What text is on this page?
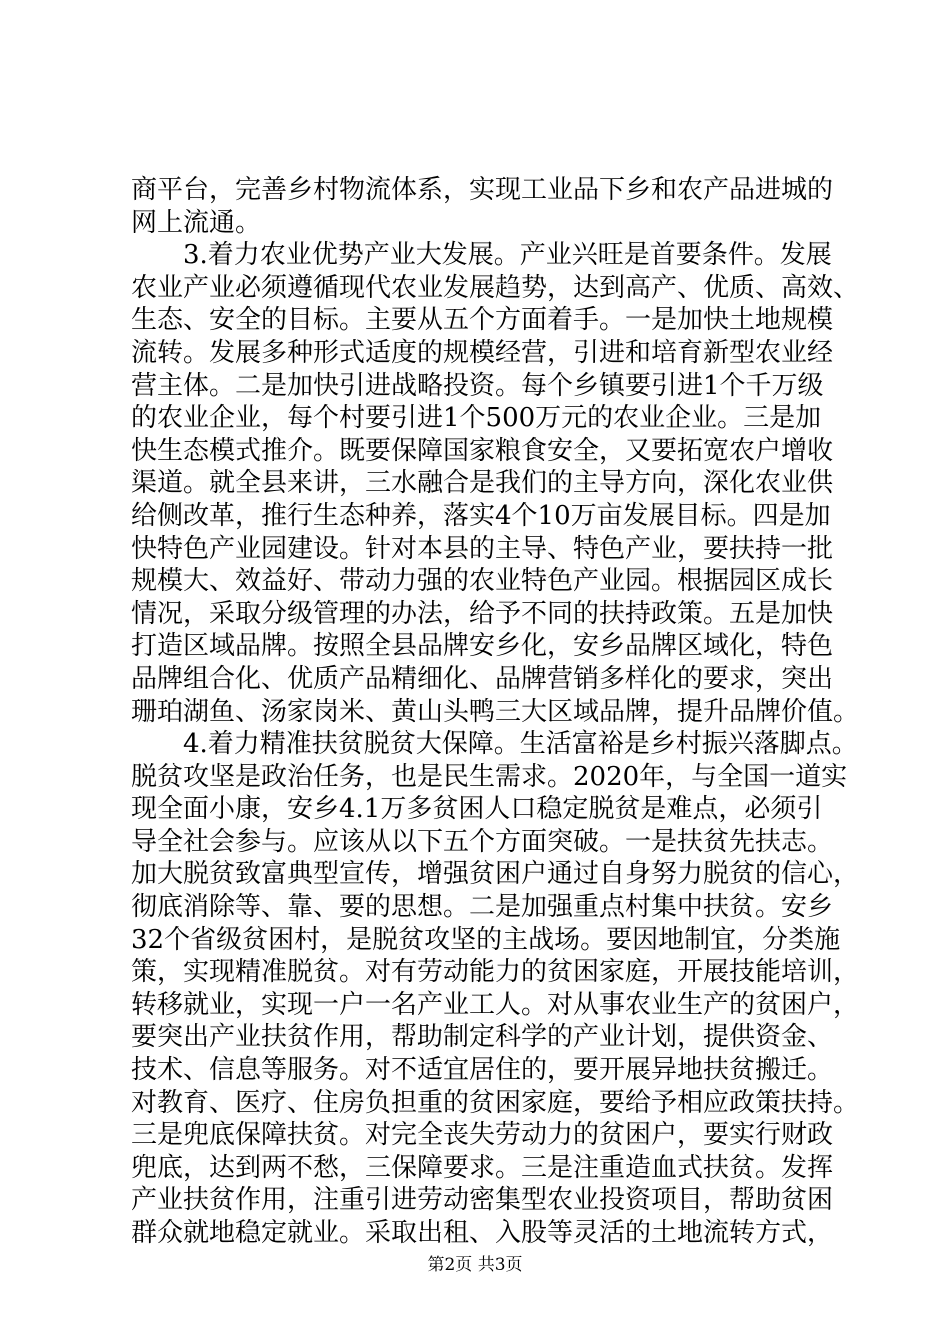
商平台，完善乡村物流体系，实现工业品下乡和农产品进城的
网上流通。
3.着力农业优势产业大发展。产业兴旺是首要条件。发展
农业产业必须遵循现代农业发展趋势，达到高产、优质、高效、
生态、安全的目标。主要从五个方面着手。一是加快土地规模
流转。发展多种形式适度的规模经营，引进和培育新型农业经
营主体。二是加快引进战略投资。每个乡镇要引进1个千万级
的农业企业，每个村要引进1个500万元的农业企业。三是加
快生态模式推介。既要保障国家粮食安全，又要拓宽农户增收
渠道。就全县来讲，三水融合是我们的主导方向，深化农业供
给侧改革，推行生态种养，落实4个10万亩发展目标。四是加
快特色产业园建设。针对本县的主导、特色产业，要扶持一批
规模大、效益好、带动力强的农业特色产业园。根据园区成长
情况，采取分级管理的办法，给予不同的扶持政策。五是加快
打造区域品牌。按照全县品牌安乡化，安乡品牌区域化，特色
品牌组合化、优质产品精细化、品牌营销多样化的要求，突出
珊珀湖鱼、汤家岗米、黄山头鸭三大区域品牌，提升品牌价值。
4.着力精准扶贫脱贫大保障。生活富裕是乡村振兴落脚点。
脱贫攻坚是政治任务，也是民生需求。2020年，与全国一道实
现全面小康，安乡4.1万多贫困人口稳定脱贫是难点，必须引
导全社会参与。应该从以下五个方面突破。一是扶贫先扶志。
加大脱贫致富典型宣传，增强贫困户通过自身努力脱贫的信心，
彻底消除等、靠、要的思想。二是加强重点村集中扶贫。安乡
32个省级贫困村，是脱贫攻坚的主战场。要因地制宜，分类施
策，实现精准脱贫。对有劳动能力的贫困家庭，开展技能培训，
转移就业，实现一户一名产业工人。对从事农业生产的贫困户，
要突出产业扶贫作用，帮助制定科学的产业计划，提供资金、
技术、信息等服务。对不适宜居住的，要开展异地扶贫搬迁。
对教育、医疗、住房负担重的贫困家庭，要给予相应政策扶持。
三是兜底保障扶贫。对完全丧失劳动力的贫困户，要实行财政
兜底，达到两不愁，三保障要求。三是注重造血式扶贫。发挥
产业扶贫作用，注重引进劳动密集型农业投资项目，帮助贫困
群众就地稳定就业。采取出租、入股等灵活的土地流转方式，
第2页 共3页
